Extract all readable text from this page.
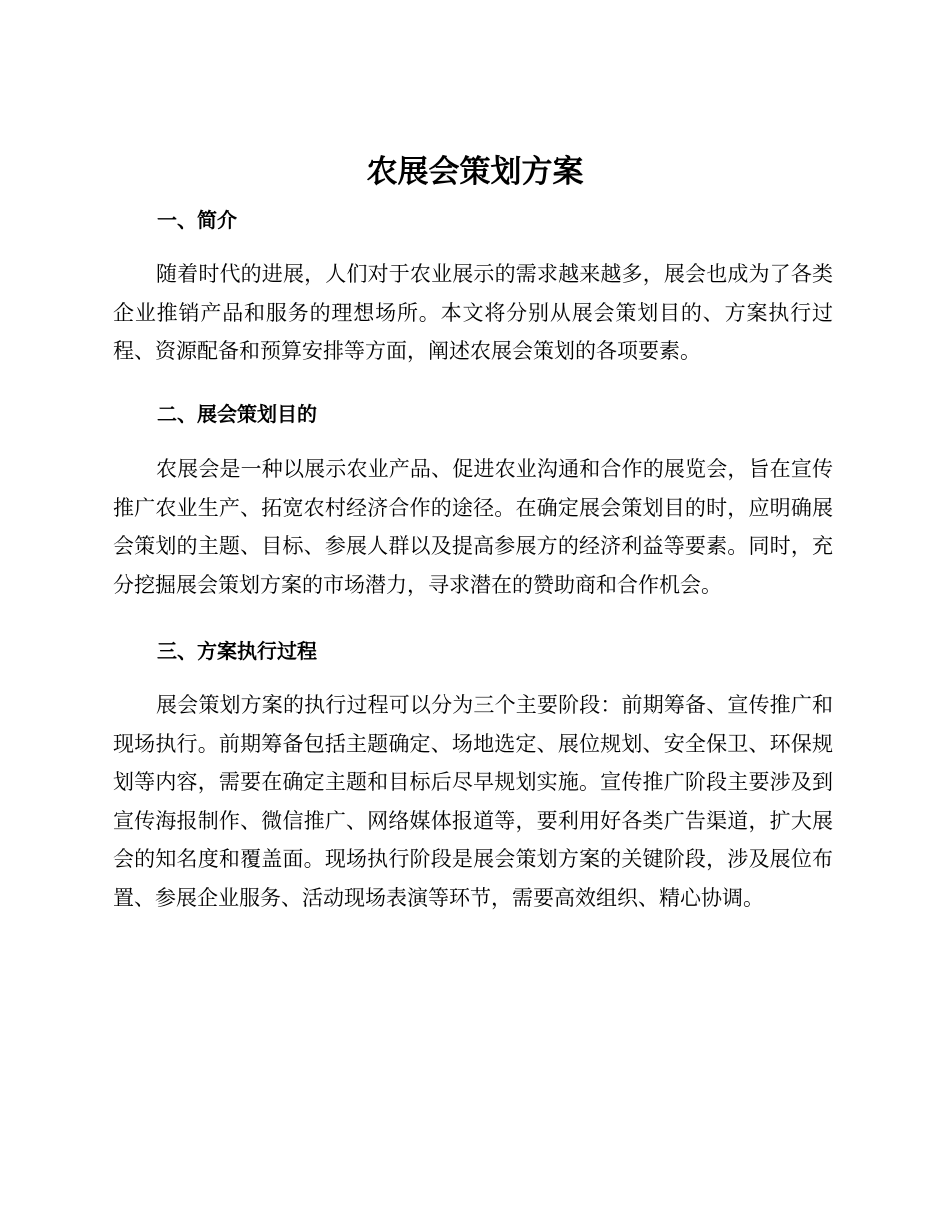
农展会策划方案
一、简介

随着时代的进展，人们对于农业展示的需求越来越多，展会也成为了各类企业推销产品和服务的理想场所。本文将分别从展会策划目的、方案执行过程、资源配备和预算安排等方面，阐述农展会策划的各项要素。

二、展会策划目的

农展会是一种以展示农业产品、促进农业沟通和合作的展览会，旨在宣传推广农业生产、拓宽农村经济合作的途径。在确定展会策划目的时，应明确展会策划的主题、目标、参展人群以及提高参展方的经济利益等要素。同时，充分挖掘展会策划方案的市场潜力，寻求潜在的赞助商和合作机会。

三、方案执行过程

展会策划方案的执行过程可以分为三个主要阶段：前期筹备、宣传推广和现场执行。前期筹备包括主题确定、场地选定、展位规划、安全保卫、环保规划等内容，需要在确定主题和目标后尽早规划实施。宣传推广阶段主要涉及到宣传海报制作、微信推广、网络媒体报道等，要利用好各类广告渠道，扩大展会的知名度和覆盖面。现场执行阶段是展会策划方案的关键阶段，涉及展位布置、参展企业服务、活动现场表演等环节，需要高效组织、精心协调。
